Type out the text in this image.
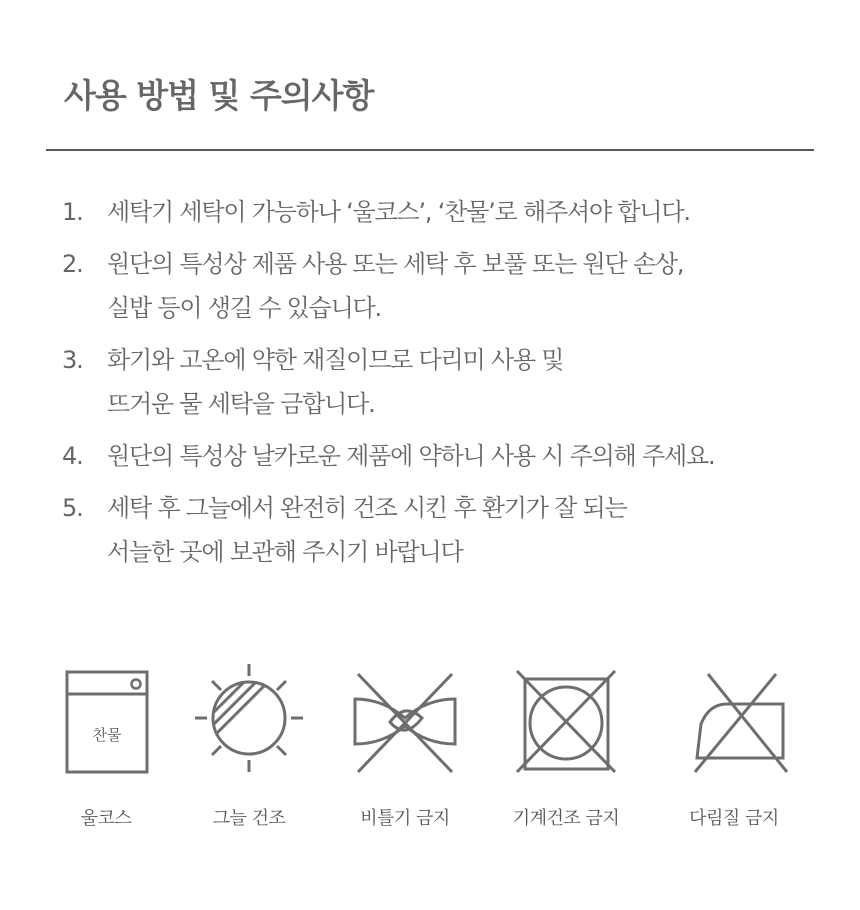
사용 방법 및 주의사항
1. 세탁기 세탁이 가능하나 ‘울코스’, ‘찬물’로 해주셔야 합니다.
2. 원단의 특성상 제품 사용 또는 세탁 후 보풀 또는 원단 손상,
실밥 등이 생길 수 있습니다.
3. 화기와 고온에 약한 재질이므로 다리미 사용 및
뜨거운 물 세탁을 금합니다.
4. 원단의 특성상 날카로운 제품에 약하니 사용 시 주의해 주세요.
5. 세탁 후 그늘에서 완전히 건조 시킨 후 환기가 잘 되는
서늘한 곳에 보관해 주시기 바랍니다
찬물
울코스	그늘 건조	비틀기 금지	기계건조 금지	다림질 금지
